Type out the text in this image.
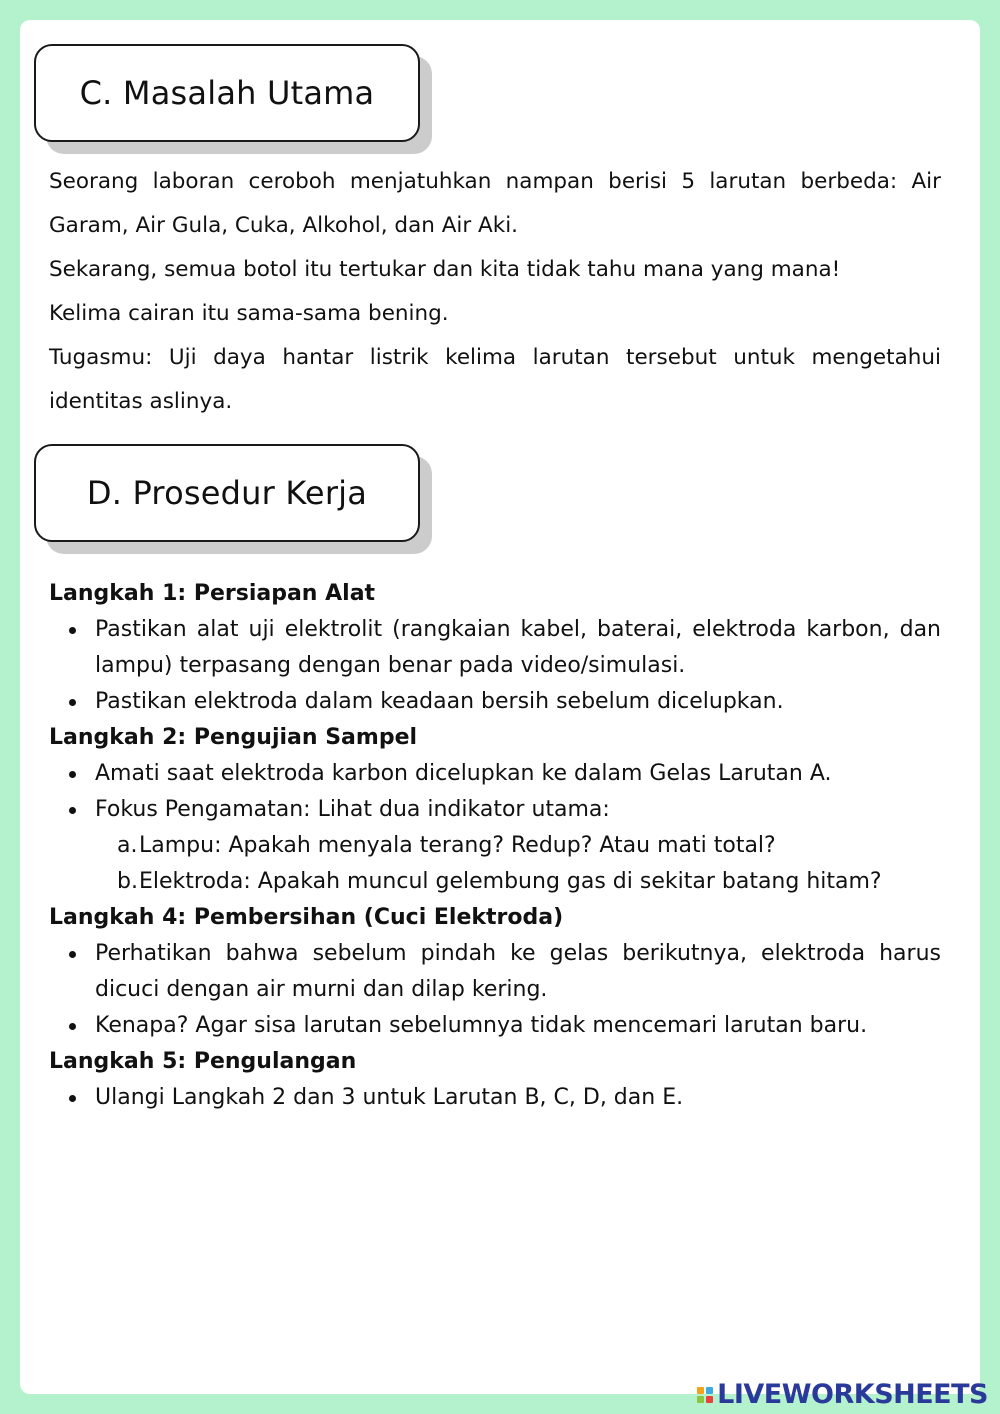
C. Masalah Utama

Seorang laboran ceroboh menjatuhkan nampan berisi 5 larutan berbeda: Air Garam, Air Gula, Cuka, Alkohol, dan Air Aki.

Sekarang, semua botol itu tertukar dan kita tidak tahu mana yang mana!

Kelima cairan itu sama-sama bening.

Tugasmu: Uji daya hantar listrik kelima larutan tersebut untuk mengetahui identitas aslinya.

D. Prosedur Kerja

Langkah 1: Persiapan Alat

Pastikan alat uji elektrolit (rangkaian kabel, baterai, elektroda karbon, dan lampu) terpasang dengan benar pada video/simulasi.
Pastikan elektroda dalam keadaan bersih sebelum dicelupkan.

Langkah 2: Pengujian Sampel

Amati saat elektroda karbon dicelupkan ke dalam Gelas Larutan A.
Fokus Pengamatan: Lihat dua indikator utama:
a. Lampu: Apakah menyala terang? Redup? Atau mati total?
b. Elektroda: Apakah muncul gelembung gas di sekitar batang hitam?

Langkah 4: Pembersihan (Cuci Elektroda)

Perhatikan bahwa sebelum pindah ke gelas berikutnya, elektroda harus dicuci dengan air murni dan dilap kering.
Kenapa? Agar sisa larutan sebelumnya tidak mencemari larutan baru.

Langkah 5: Pengulangan

Ulangi Langkah 2 dan 3 untuk Larutan B, C, D, dan E.
LIVEWORKSHEETS
